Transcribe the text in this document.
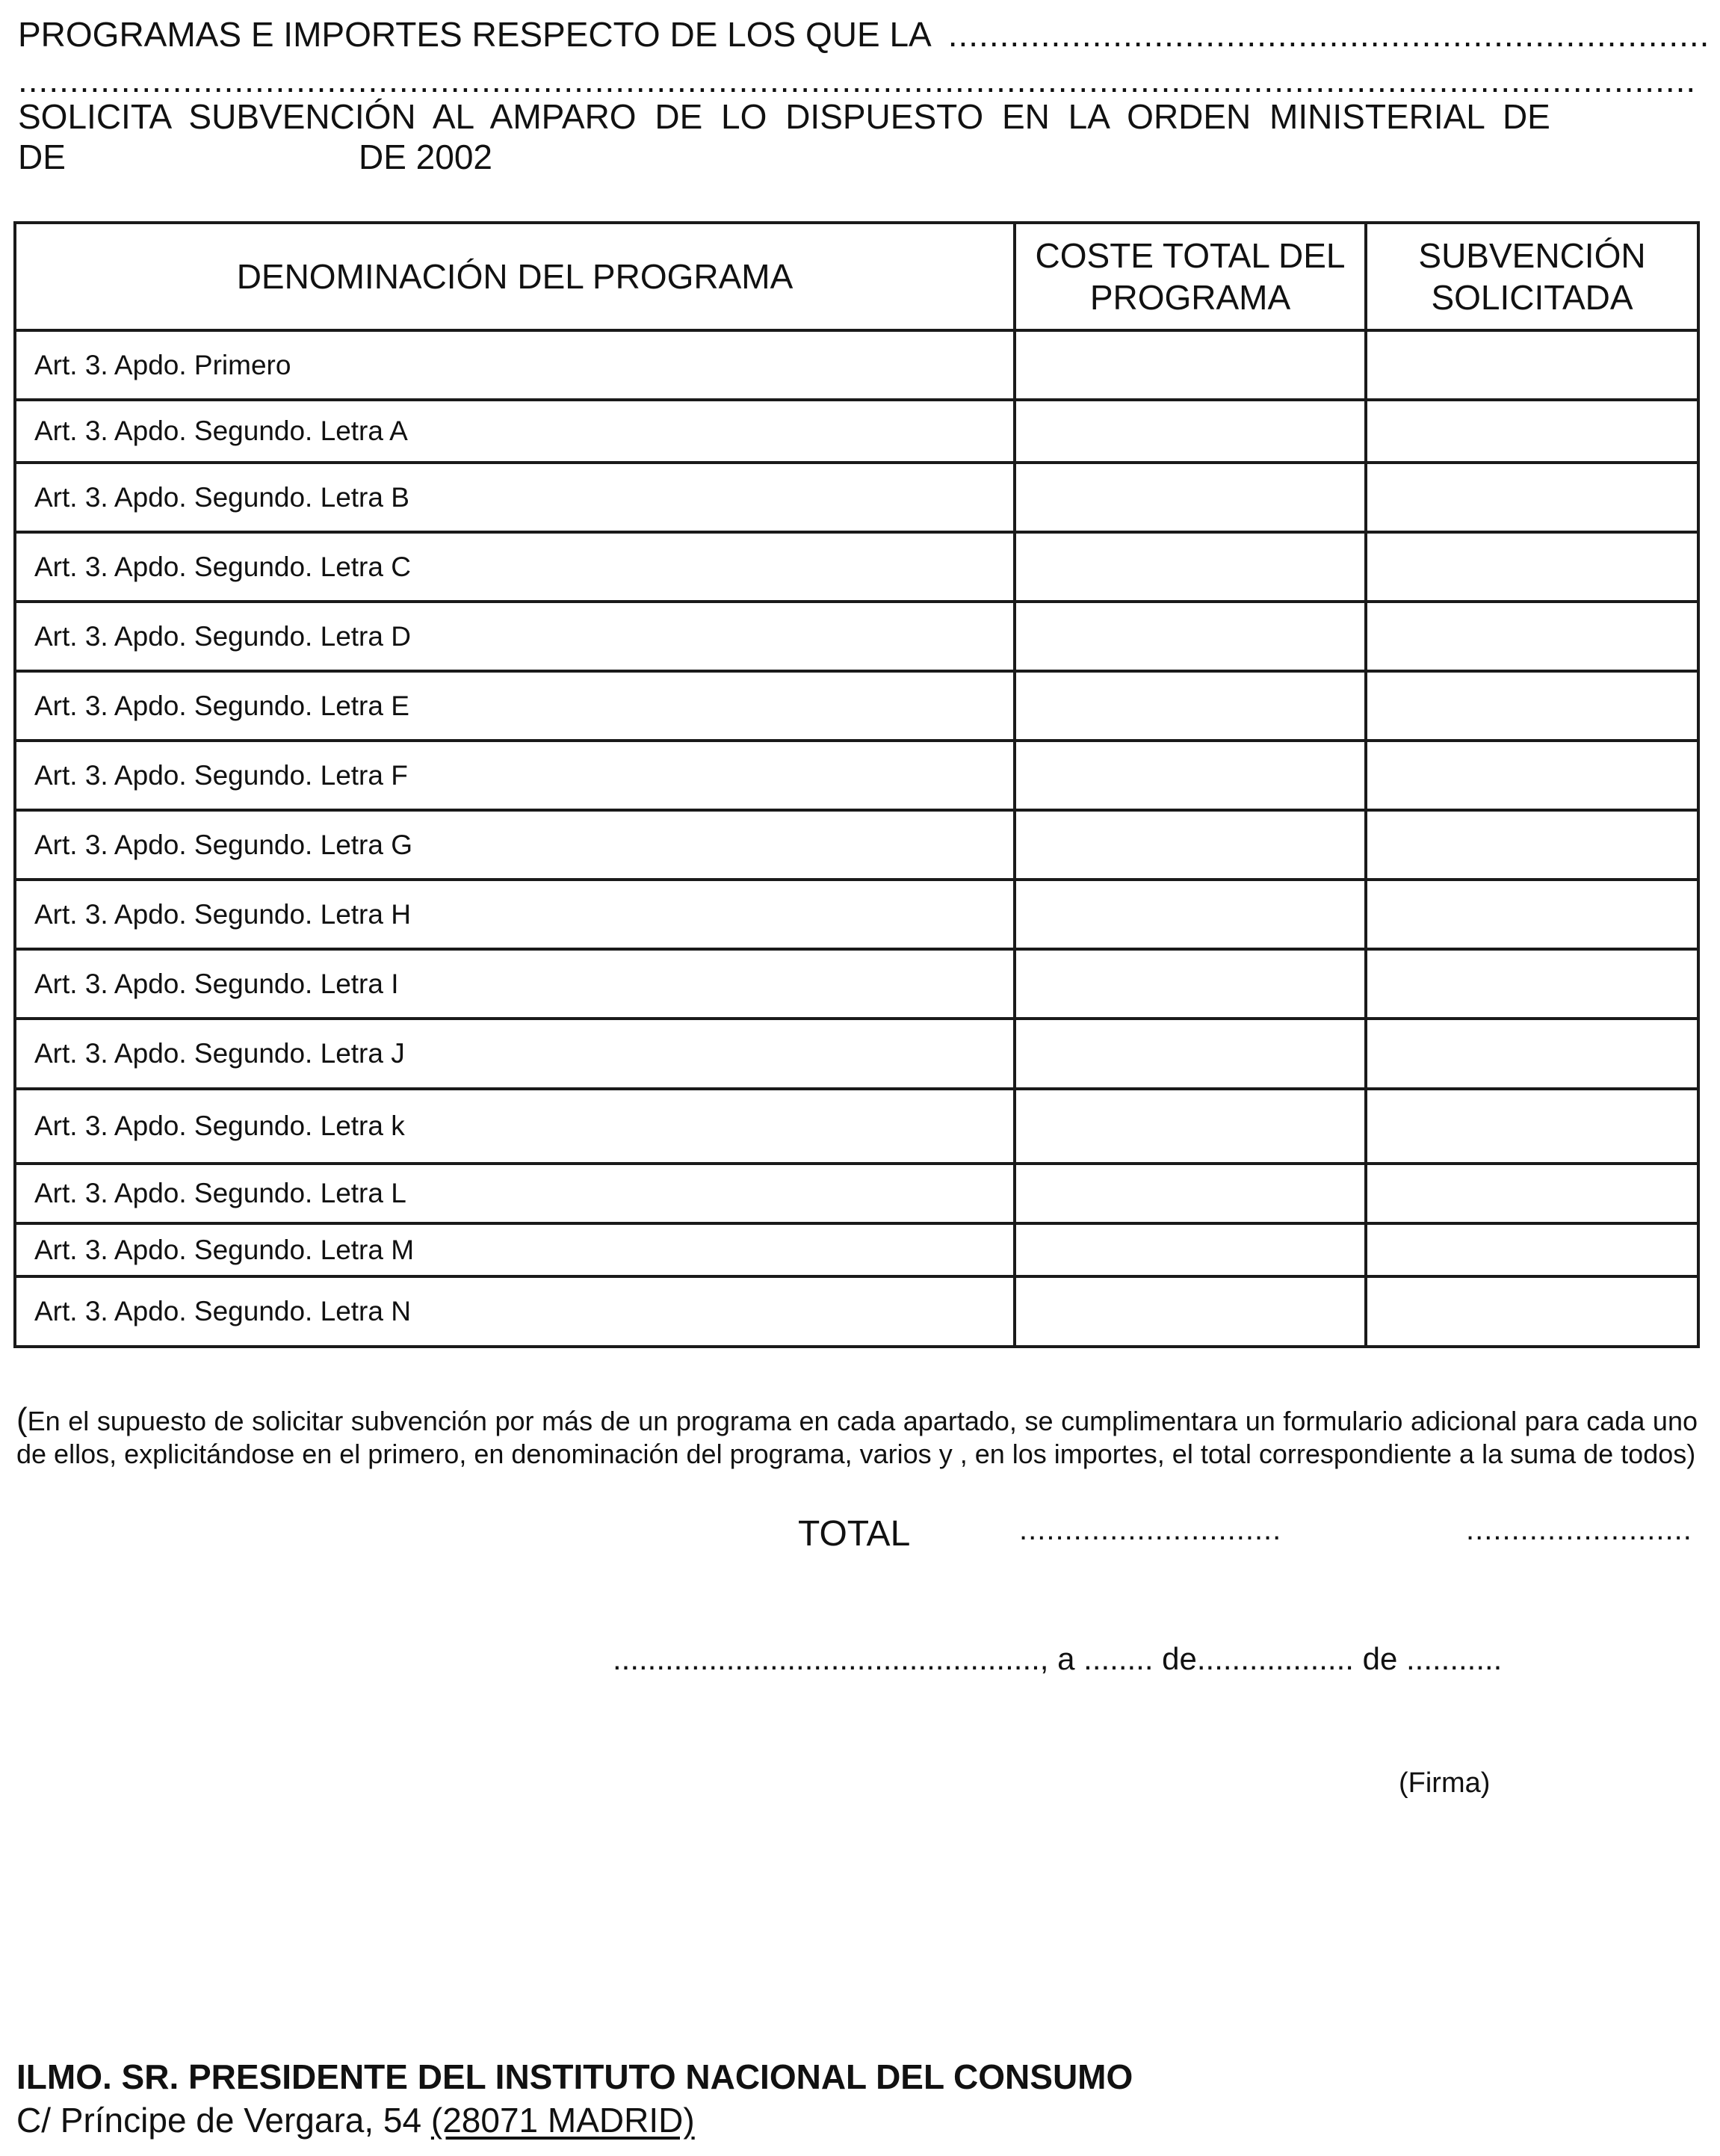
PROGRAMAS E IMPORTES RESPECTO DE LOS QUE LA ..........................................................................
...................................................................................................................................................................
SOLICITA SUBVENCIÓN AL AMPARO DE LO DISPUESTO EN LA ORDEN MINISTERIAL DE
DE	DE 2002
DENOMINACIÓN DEL PROGRAMA	COSTE TOTAL DEL PROGRAMA	SUBVENCIÓN SOLICITADA
Art. 3. Apdo. Primero		
Art. 3. Apdo. Segundo. Letra A		
Art. 3. Apdo. Segundo. Letra B		
Art. 3. Apdo. Segundo. Letra C		
Art. 3. Apdo. Segundo. Letra D		
Art. 3. Apdo. Segundo. Letra E		
Art. 3. Apdo. Segundo. Letra F		
Art. 3. Apdo. Segundo. Letra G		
Art. 3. Apdo. Segundo. Letra H		
Art. 3. Apdo. Segundo. Letra I		
Art. 3. Apdo. Segundo. Letra J		
Art. 3. Apdo. Segundo. Letra k		
Art. 3. Apdo. Segundo. Letra L		
Art. 3. Apdo. Segundo. Letra M		
Art. 3. Apdo. Segundo. Letra N		
(En el supuesto de solicitar subvención por más de un programa en cada apartado, se cumplimentara un formulario adicional para cada uno de ellos, explicitándose en el primero, en denominación del programa, varios y , en los importes, el total correspondiente a la suma de todos)
TOTAL	.............................	.........................
................................................., a ........ de.................. de ...........
(Firma)
ILMO. SR. PRESIDENTE DEL INSTITUTO NACIONAL DEL CONSUMO
C/ Príncipe de Vergara, 54 (28071 MADRID)
